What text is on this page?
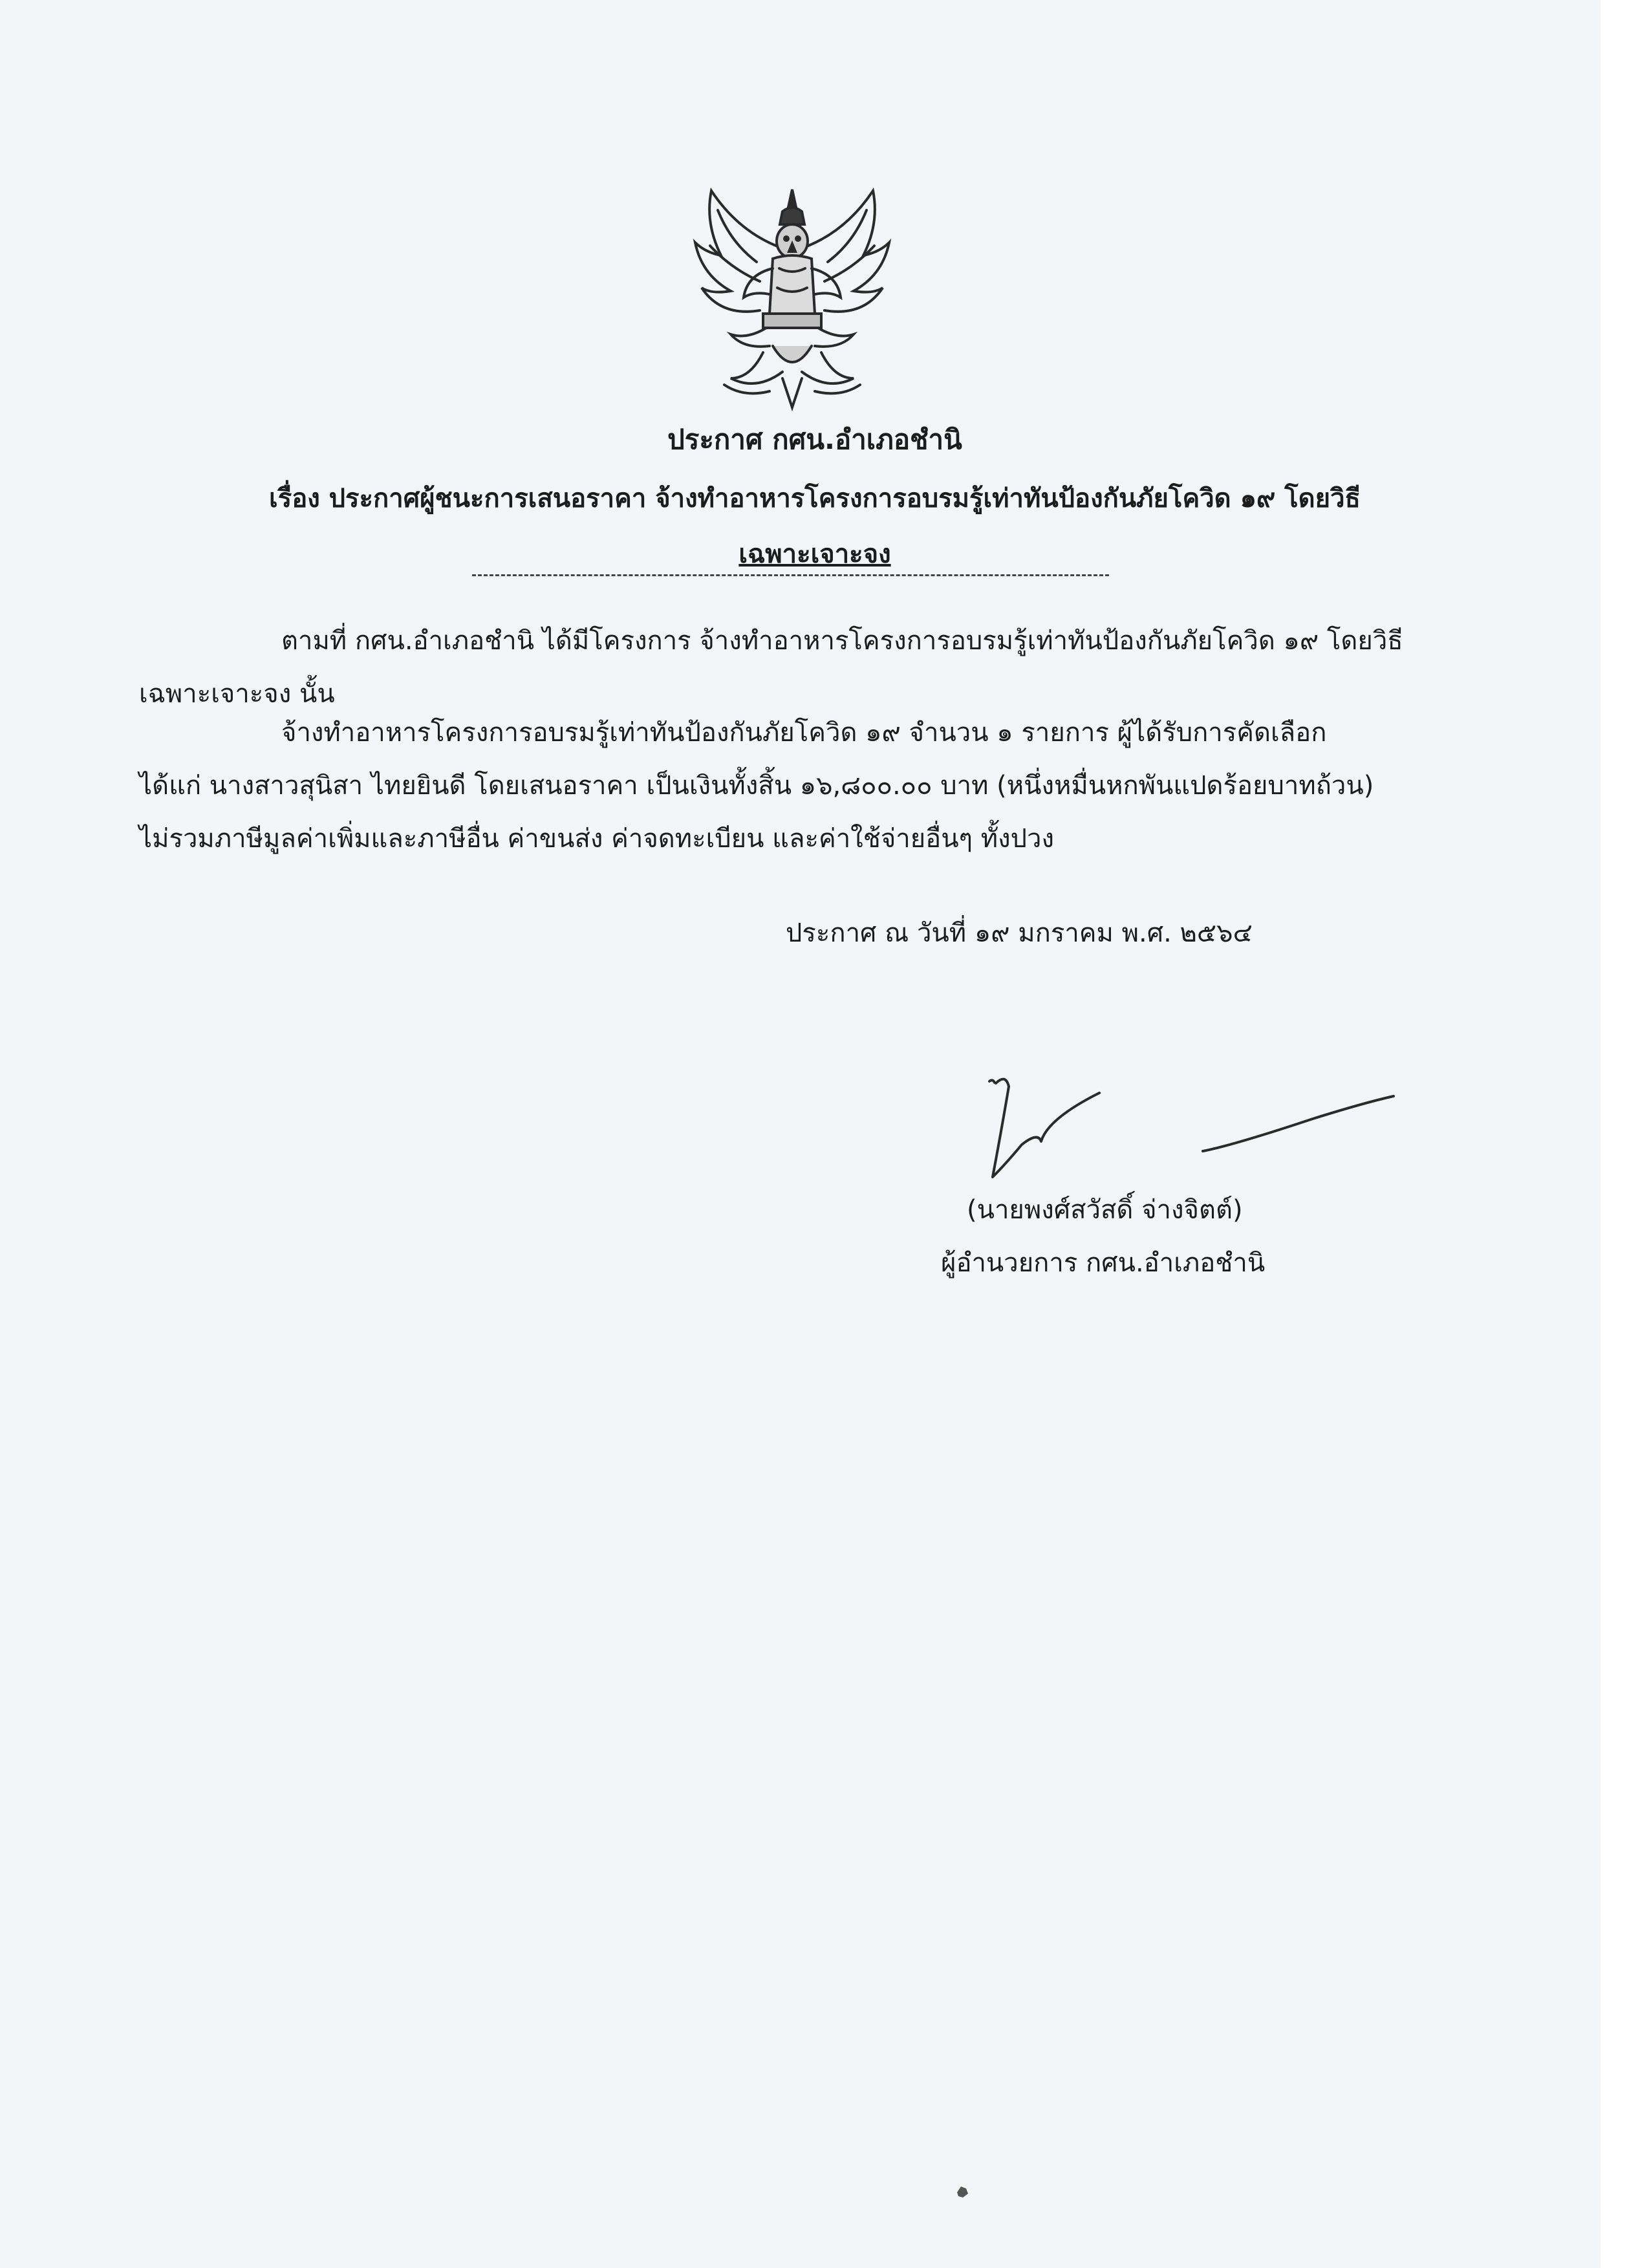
ประกาศ กศน.อำเภอชำนิ
เรื่อง ประกาศผู้ชนะการเสนอราคา จ้างทำอาหารโครงการอบรมรู้เท่าทันป้องกันภัยโควิด ๑๙ โดยวิธี
เฉพาะเจาะจง
ตามที่ กศน.อำเภอชำนิ ได้มีโครงการ จ้างทำอาหารโครงการอบรมรู้เท่าทันป้องกันภัยโควิด ๑๙ โดยวิธี
เฉพาะเจาะจง นั้น
จ้างทำอาหารโครงการอบรมรู้เท่าทันป้องกันภัยโควิด ๑๙ จำนวน ๑ รายการ ผู้ได้รับการคัดเลือก
ได้แก่ นางสาวสุนิสา ไทยยินดี โดยเสนอราคา เป็นเงินทั้งสิ้น ๑๖,๘๐๐.๐๐ บาท (หนึ่งหมื่นหกพันแปดร้อยบาทถ้วน)
ไม่รวมภาษีมูลค่าเพิ่มและภาษีอื่น ค่าขนส่ง ค่าจดทะเบียน และค่าใช้จ่ายอื่นๆ ทั้งปวง
ประกาศ ณ วันที่ ๑๙ มกราคม พ.ศ. ๒๕๖๔
(นายพงศ์สวัสดิ์ จ่างจิตต์)
ผู้อำนวยการ กศน.อำเภอชำนิ
